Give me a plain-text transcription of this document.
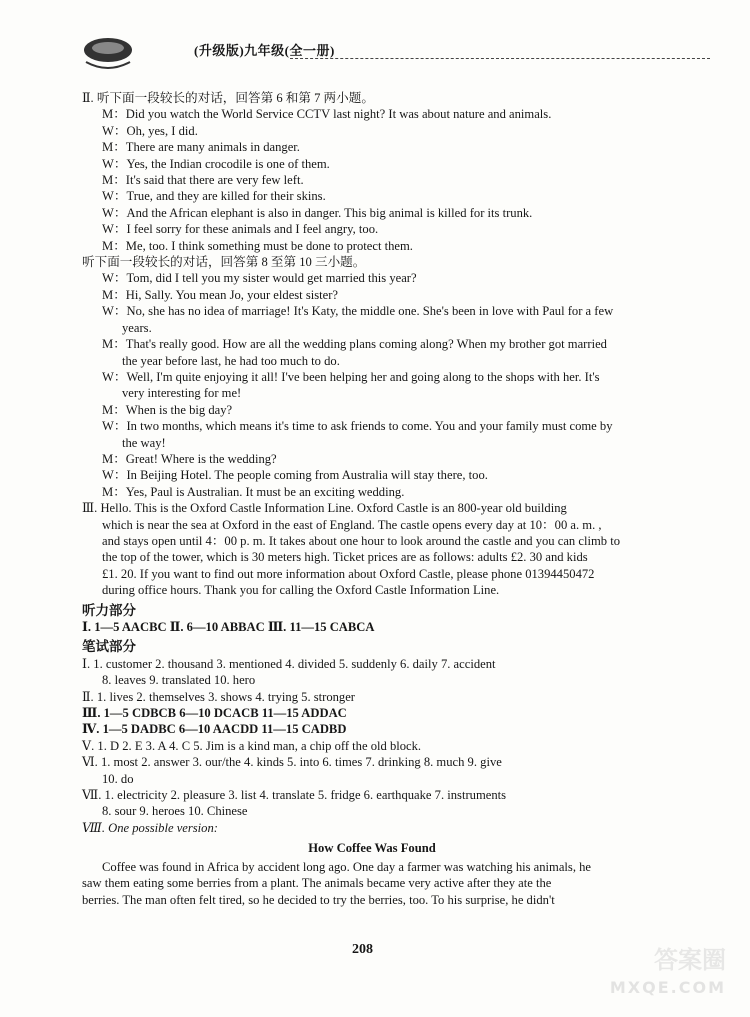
(升级版)九年级(全一册)
Ⅱ. 听下面一段较长的对话，回答第 6 和第 7 两小题。
M：Did you watch the World Service CCTV last night? It was about nature and animals.
W：Oh, yes, I did.
M：There are many animals in danger.
W：Yes, the Indian crocodile is one of them.
M：It's said that there are very few left.
W：True, and they are killed for their skins.
W：And the African elephant is also in danger. This big animal is killed for its trunk.
W：I feel sorry for these animals and I feel angry, too.
M：Me, too. I think something must be done to protect them.
听下面一段较长的对话，回答第 8 至第 10 三小题。
W：Tom, did I tell you my sister would get married this year?
M：Hi, Sally. You mean Jo, your eldest sister?
W：No, she has no idea of marriage! It's Katy, the middle one. She's been in love with Paul for a few
years.
M：That's really good. How are all the wedding plans coming along? When my brother got married
the year before last, he had too much to do.
W：Well, I'm quite enjoying it all! I've been helping her and going along to the shops with her. It's
very interesting for me!
M：When is the big day?
W：In two months, which means it's time to ask friends to come. You and your family must come by
the way!
M：Great! Where is the wedding?
W：In Beijing Hotel. The people coming from Australia will stay there, too.
M：Yes, Paul is Australian. It must be an exciting wedding.
Ⅲ. Hello. This is the Oxford Castle Information Line. Oxford Castle is an 800-year old building
which is near the sea at Oxford in the east of England. The castle opens every day at 10：00 a. m. ,
and stays open until 4：00 p. m. It takes about one hour to look around the castle and you can climb to
the top of the tower, which is 30 meters high. Ticket prices are as follows: adults £2. 30 and kids
£1. 20. If you want to find out more information about Oxford Castle, please phone 01394450472
during office hours. Thank you for calling the Oxford Castle Information Line.
听力部分
Ⅰ. 1—5 AACBC Ⅱ. 6—10 ABBAC Ⅲ. 11—15 CABCA
笔试部分
Ⅰ. 1. customer 2. thousand 3. mentioned 4. divided 5. suddenly 6. daily 7. accident
8. leaves 9. translated 10. hero
Ⅱ. 1. lives 2. themselves 3. shows 4. trying 5. stronger
Ⅲ. 1—5 CDBCB 6—10 DCACB 11—15 ADDAC
Ⅳ. 1—5 DADBC 6—10 AACDD 11—15 CADBD
Ⅴ. 1. D 2. E 3. A 4. C 5. Jim is a kind man, a chip off the old block.
Ⅵ. 1. most 2. answer 3. our/the 4. kinds 5. into 6. times 7. drinking 8. much 9. give
10. do
Ⅶ. 1. electricity 2. pleasure 3. list 4. translate 5. fridge 6. earthquake 7. instruments
8. sour 9. heroes 10. Chinese
Ⅷ. One possible version:
How Coffee Was Found
Coffee was found in Africa by accident long ago. One day a farmer was watching his animals, he
saw them eating some berries from a plant. The animals became very active after they ate the
berries. The man often felt tired, so he decided to try the berries, too. To his surprise, he didn't
208	答案圈
MXQE.COM
